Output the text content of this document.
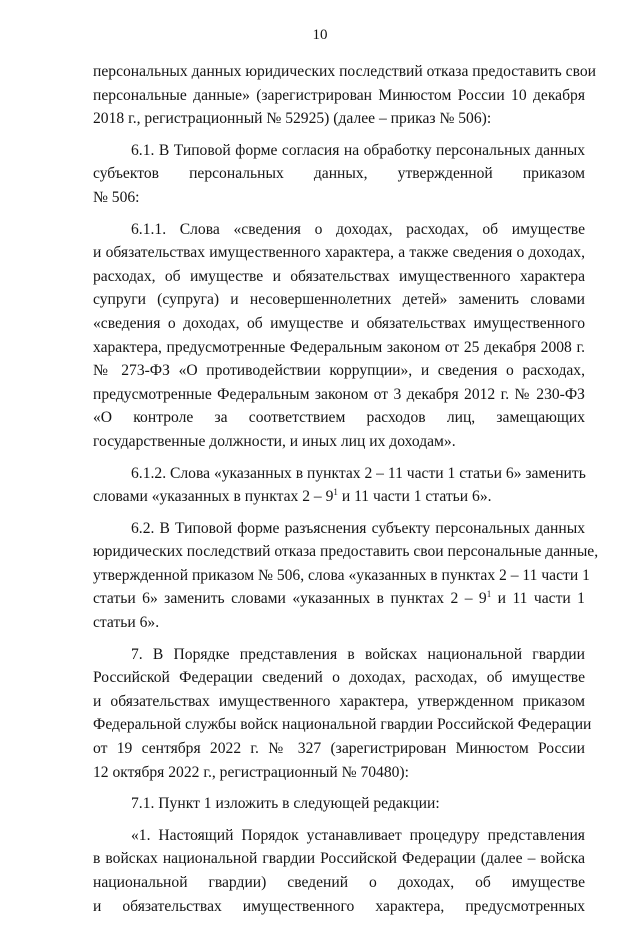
10
персональных данных юридических последствий отказа предоставить свои
персональные данные» (зарегистрирован Минюстом России 10 декабря
2018 г., регистрационный № 52925) (далее – приказ № 506):
6.1. В Типовой форме согласия на обработку персональных данных
субъектов персональных данных, утвержденной приказом
№ 506:
6.1.1. Слова «сведения о доходах, расходах, об имуществе
и обязательствах имущественного характера, а также сведения о доходах,
расходах, об имуществе и обязательствах имущественного характера
супруги (супруга) и несовершеннолетних детей» заменить словами
«сведения о доходах, об имуществе и обязательствах имущественного
характера, предусмотренные Федеральным законом от 25 декабря 2008 г.
№ 273-ФЗ «О противодействии коррупции», и сведения о расходах,
предусмотренные Федеральным законом от 3 декабря 2012 г. № 230-ФЗ
«О контроле за соответствием расходов лиц, замещающих
государственные должности, и иных лиц их доходам».
6.1.2. Слова «указанных в пунктах 2 – 11 части 1 статьи 6» заменить
словами «указанных в пунктах $2 - 9^1$ и 11 части 1 статьи 6».
6.2. В Типовой форме разъяснения субъекту персональных данных
юридических последствий отказа предоставить свои персональные данные,
утвержденной приказом № 506, слова «указанных в пунктах 2 – 11 части 1
статьи 6» заменить словами «указанных в пунктах $2 - 9^1$ и 11 части 1
статьи 6».
7. В Порядке представления в войсках национальной гвардии
Российской Федерации сведений о доходах, расходах, об имуществе
и обязательствах имущественного характера, утвержденном приказом
Федеральной службы войск национальной гвардии Российской Федерации
от 19 сентября 2022 г. № 327 (зарегистрирован Минюстом России
12 октября 2022 г., регистрационный № 70480):
7.1. Пункт 1 изложить в следующей редакции:
«1. Настоящий Порядок устанавливает процедуру представления
в войсках национальной гвардии Российской Федерации (далее – войска
национальной гвардии) сведений о доходах, об имуществе
и обязательствах имущественного характера, предусмотренных
